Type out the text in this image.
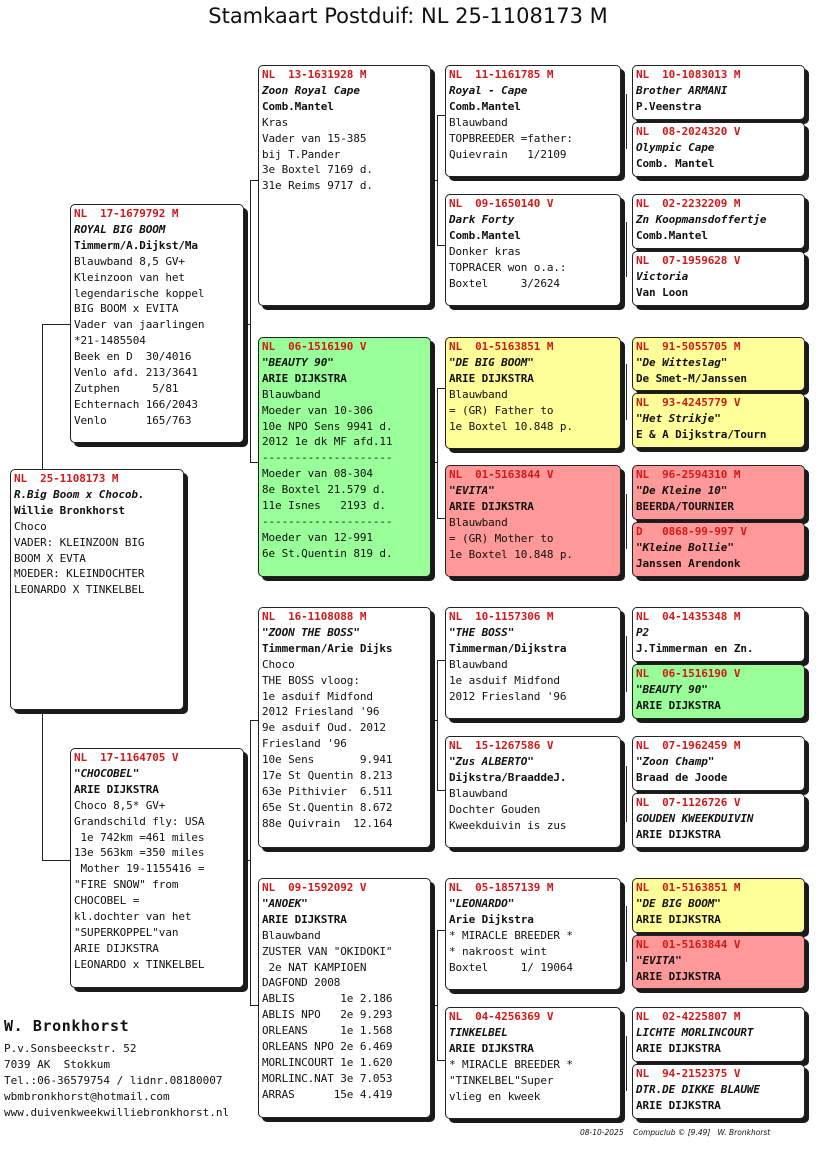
Stamkaart Postduif: NL 25-1108173 M
NL  25-1108173 M
R.Big Boom x Chocob.
Willie Bronkhorst
Choco
VADER: KLEINZOON BIG
BOOM X EVTA
MOEDER: KLEINDOCHTER
LEONARDO X TINKELBEL
NL  17-1679792 M
ROYAL BIG BOOM
Timmerm/A.Dijkst/Ma
Blauwband 8,5 GV+
Kleinzoon van het
legendarische koppel
BIG BOOM x EVITA
Vader van jaarlingen
*21-1485504
Beek en D  30/4016
Venlo afd. 213/3641
Zutphen     5/81
Echternach 166/2043
Venlo      165/763
NL  17-1164705 V
"CHOCOBEL"
ARIE DIJKSTRA
Choco 8,5* GV+
Grandschild fly: USA
1e 742km =461 miles
13e 563km =350 miles
Mother 19-1155416 =
"FIRE SNOW" from
CHOCOBEL =
kl.dochter van het
"SUPERKOPPEL"van
ARIE DIJKSTRA
LEONARDO x TINKELBEL
NL  13-1631928 M
Zoon Royal Cape
Comb.Mantel
Kras
Vader van 15-385
bij T.Pander
3e Boxtel 7169 d.
31e Reims 9717 d.
NL  06-1516190 V
"BEAUTY 90"
ARIE DIJKSTRA
Blauwband
Moeder van 10-306
10e NPO Sens 9941 d.
2012 1e dk MF afd.11
--------------------
Moeder van 08-304
8e Boxtel 21.579 d.
11e Isnes   2193 d.
--------------------
Moeder van 12-991
6e St.Quentin 819 d.
NL  16-1108088 M
"ZOON THE BOSS"
Timmerman/Arie Dijks
Choco
THE BOSS vloog:
1e asduif Midfond
2012 Friesland '96
9e asduif Oud. 2012
Friesland '96
10e Sens       9.941
17e St Quentin 8.213
63e Pithivier  6.511
65e St.Quentin 8.672
88e Quivrain  12.164
NL  09-1592092 V
"ANOEK"
ARIE DIJKSTRA
Blauwband
ZUSTER VAN "OKIDOKI"
2e NAT KAMPIOEN
DAGFOND 2008
ABLIS       1e 2.186
ABLIS NPO   2e 9.293
ORLEANS     1e 1.568
ORLEANS NPO 2e 6.469
MORLINCOURT 1e 1.620
MORLINC.NAT 3e 7.053
ARRAS      15e 4.419
NL  11-1161785 M
Royal - Cape
Comb.Mantel
Blauwband
TOPBREEDER =father:
Quievrain   1/2109
NL  09-1650140 V
Dark Forty
Comb.Mantel
Donker kras
TOPRACER won o.a.:
Boxtel     3/2624
NL  01-5163851 M
"DE BIG BOOM"
ARIE DIJKSTRA
Blauwband
= (GR) Father to
1e Boxtel 10.848 p.
NL  01-5163844 V
"EVITA"
ARIE DIJKSTRA
Blauwband
= (GR) Mother to
1e Boxtel 10.848 p.
NL  10-1157306 M
"THE BOSS"
Timmerman/Dijkstra
Blauwband
1e asduif Midfond
2012 Friesland '96
NL  15-1267586 V
"Zus ALBERTO"
Dijkstra/BraaddeJ.
Blauwband
Dochter Gouden
Kweekduivin is zus
NL  05-1857139 M
"LEONARDO"
Arie Dijkstra
* MIRACLE BREEDER *
* nakroost wint
Boxtel     1/ 19064
NL  04-4256369 V
TINKELBEL
ARIE DIJKSTRA
* MIRACLE BREEDER *
"TINKELBEL"Super
vlieg en kweek
NL  10-1083013 M
Brother ARMANI
P.Veenstra
NL  08-2024320 V
Olympic Cape
Comb. Mantel
NL  02-2232209 M
Zn Koopmansdoffertje
Comb.Mantel
NL  07-1959628 V
Victoria
Van Loon
NL  91-5055705 M
"De Witteslag"
De Smet-M/Janssen
NL  93-4245779 V
"Het Strikje"
E & A Dijkstra/Tourn
NL  96-2594310 M
"De Kleine 10"
BEERDA/TOURNIER
D   0868-99-997 V
"Kleine Bollie"
Janssen Arendonk
NL  04-1435348 M
P2
J.Timmerman en Zn.
NL  06-1516190 V
"BEAUTY 90"
ARIE DIJKSTRA
NL  07-1962459 M
"Zoon Champ"
Braad de Joode
NL  07-1126726 V
GOUDEN KWEEKDUIVIN
ARIE DIJKSTRA
NL  01-5163851 M
"DE BIG BOOM"
ARIE DIJKSTRA
NL  01-5163844 V
"EVITA"
ARIE DIJKSTRA
NL  02-4225807 M
LICHTE MORLINCOURT
ARIE DIJKSTRA
NL  94-2152375 V
DTR.DE DIKKE BLAUWE
ARIE DIJKSTRA
W. Bronkhorst
P.v.Sonsbeeckstr. 52
7039 AK  Stokkum
Tel.:06-36579754 / lidnr.08180007
wbmbronkhorst@hotmail.com
www.duivenkweekwilliebronkhorst.nl
08-10-2025    Compuclub © [9.49]   W. Bronkhorst
